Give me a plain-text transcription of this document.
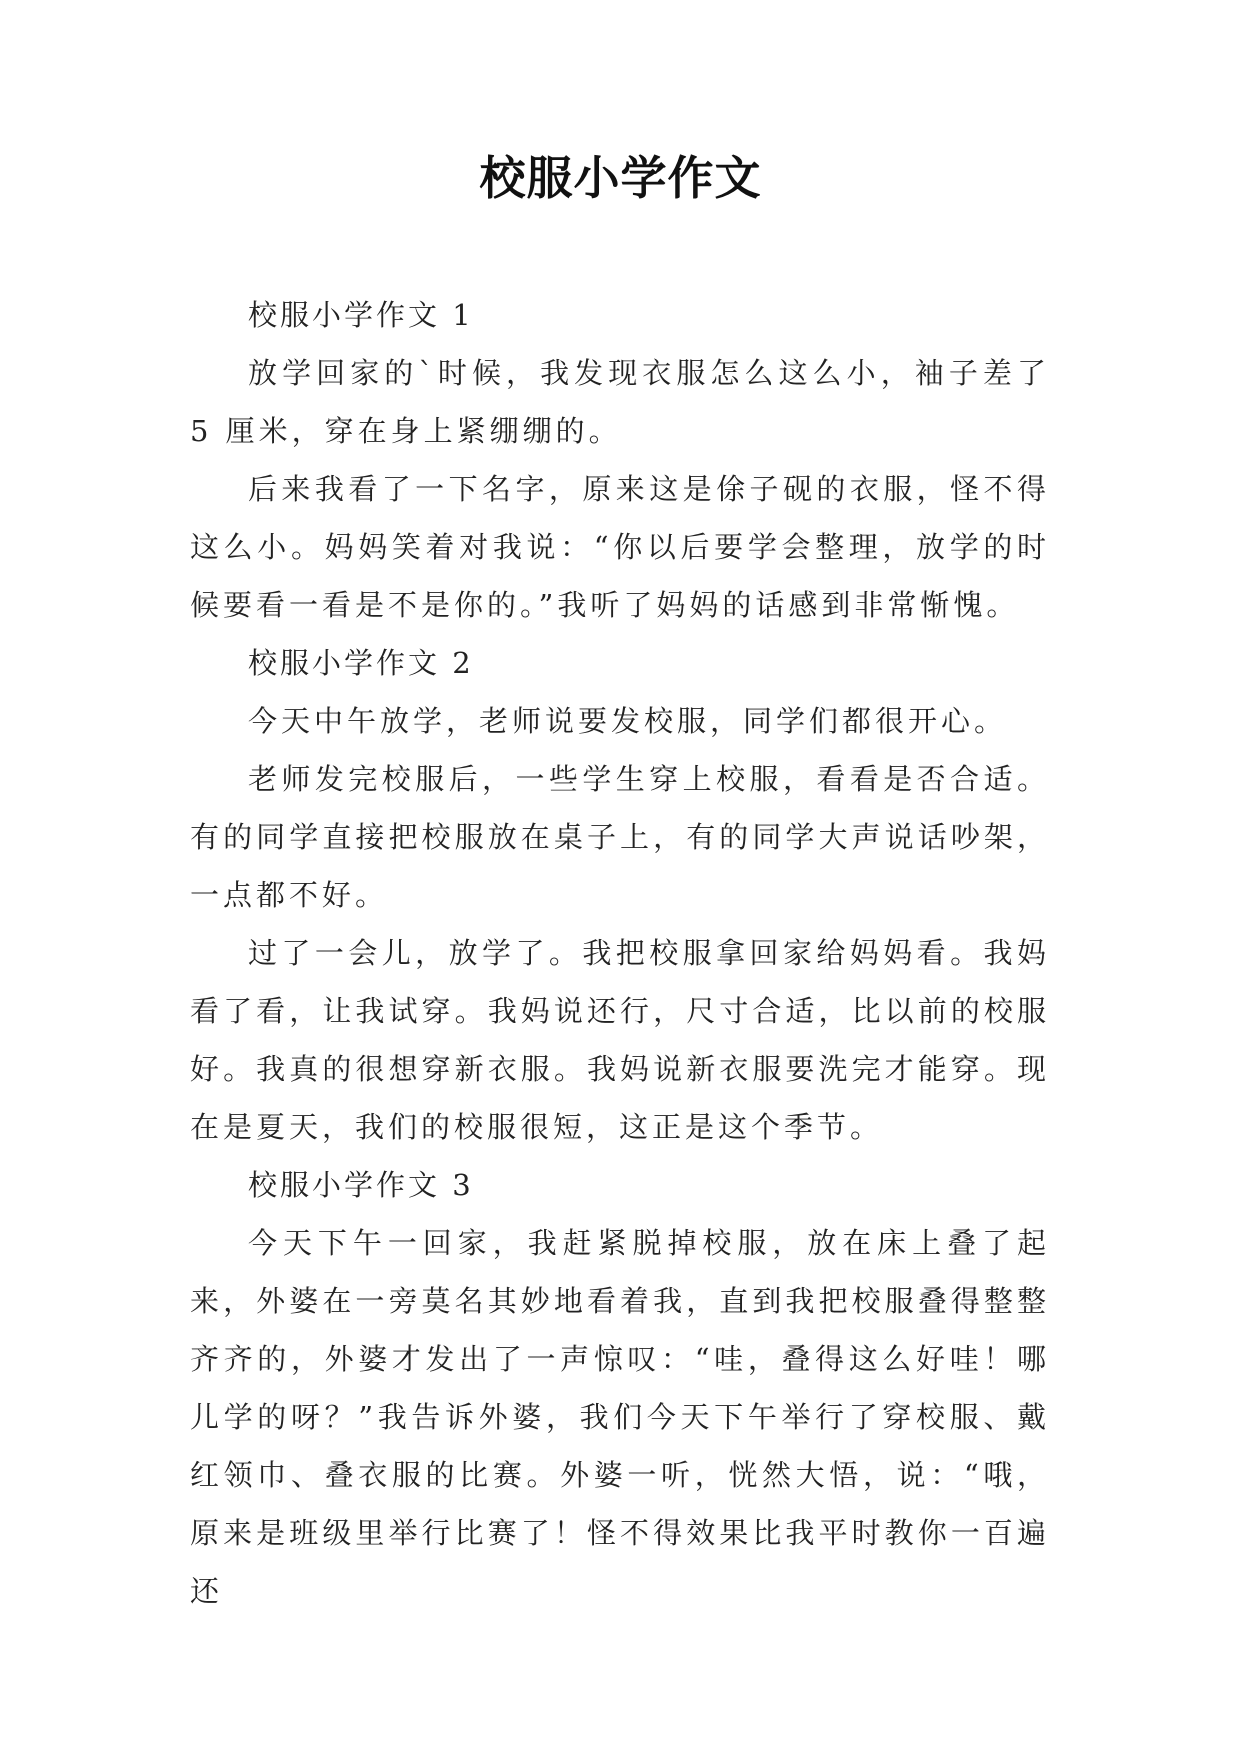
校服小学作文

校服小学作文 1

放学回家的`时候，我发现衣服怎么这么小，袖子差了 5 厘米，穿在身上紧绷绷的。

后来我看了一下名字，原来这是俆子砚的衣服，怪不得这么小。妈妈笑着对我说：“你以后要学会整理，放学的时候要看一看是不是你的。”我听了妈妈的话感到非常惭愧。

校服小学作文 2

今天中午放学，老师说要发校服，同学们都很开心。

老师发完校服后，一些学生穿上校服，看看是否合适。有的同学直接把校服放在桌子上，有的同学大声说话吵架，一点都不好。

过了一会儿，放学了。我把校服拿回家给妈妈看。我妈看了看，让我试穿。我妈说还行，尺寸合适，比以前的校服好。我真的很想穿新衣服。我妈说新衣服要洗完才能穿。现在是夏天，我们的校服很短，这正是这个季节。

校服小学作文 3

今天下午一回家，我赶紧脱掉校服，放在床上叠了起来，外婆在一旁莫名其妙地看着我，直到我把校服叠得整整齐齐的，外婆才发出了一声惊叹：“哇，叠得这么好哇！哪儿学的呀？”我告诉外婆，我们今天下午举行了穿校服、戴红领巾、叠衣服的比赛。外婆一听，恍然大悟，说：“哦，原来是班级里举行比赛了！怪不得效果比我平时教你一百遍还
